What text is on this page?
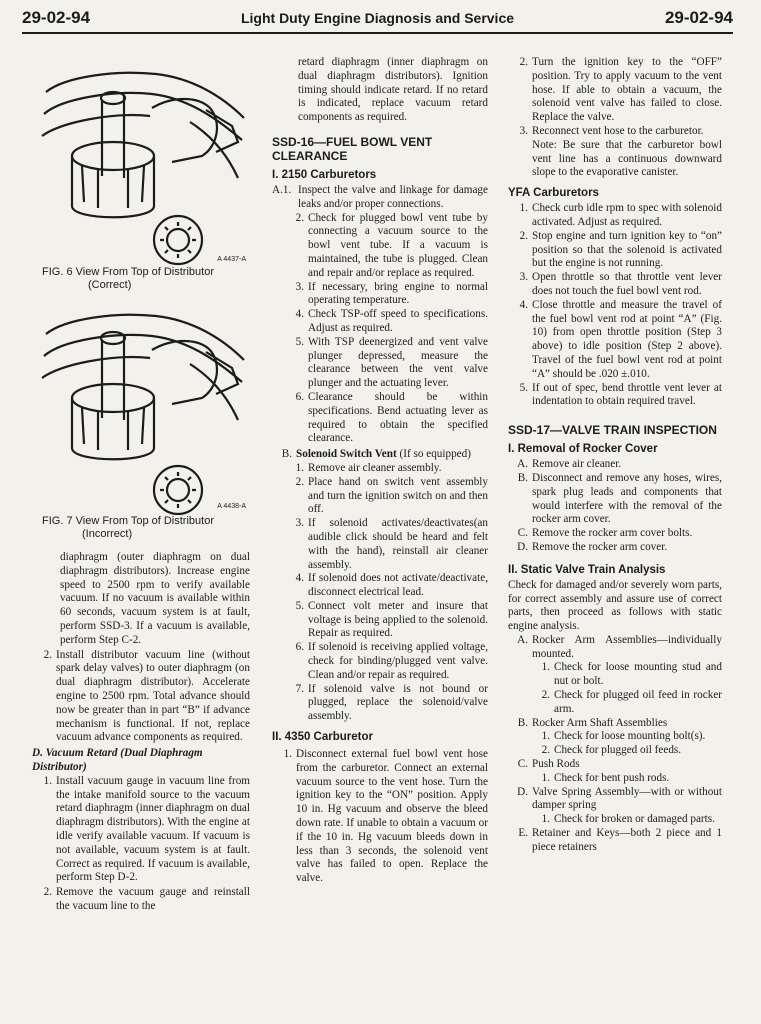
29-02-94	Light Duty Engine Diagnosis and Service	29-02-94
A 4437-A
FIG. 6 View From Top of Distributor
(Correct)
A 4438-A
FIG. 7 View From Top of Distributor
(Incorrect)

diaphragm (outer diaphragm on dual diaphragm distributors). Increase engine speed to 2500 rpm to verify available vacuum. If no vacuum is available within 60 seconds, vacuum system is at fault, perform SSD-3. If a vacuum is available, perform Step C-2.

2. Install distributor vacuum line (without spark delay valves) to outer diaphragm (on dual diaphragm distributor). Accelerate engine to 2500 rpm. Total advance should now be greater than in part “B” if advance mechanism is functional. If not, replace vacuum advance components as required.
D. Vacuum Retard (Dual Diaphragm Distributor)
1. Install vacuum gauge in vacuum line from the intake manifold source to the vacuum retard diaphragm (inner diaphragm on dual diaphragm distributors). With the engine at idle verify available vacuum. If vacuum is not available, vacuum system is at fault. Correct as required. If vacuum is available, perform Step D-2.
2. Remove the vacuum gauge and reinstall the vacuum line to the

retard diaphragm (inner diaphragm on dual diaphragm distributors). Ignition timing should indicate retard. If no retard is indicated, replace vacuum retard components as required.

SSD-16—FUEL BOWL VENT CLEARANCE
I. 2150 Carburetors
A.1. Inspect the valve and linkage for damage leaks and/or proper connections.
2. Check for plugged bowl vent tube by connecting a vacuum source to the bowl vent tube. If a vacuum is maintained, the tube is plugged. Clean and repair and/or replace as required.
3. If necessary, bring engine to normal operating temperature.
4. Check TSP-off speed to specifications. Adjust as required.
5. With TSP deenergized and vent valve plunger depressed, measure the clearance between the vent valve plunger and the actuating lever.
6. Clearance should be within specifications. Bend actuating lever as required to obtain the specified clearance.
B. Solenoid Switch Vent (If so equipped)
1. Remove air cleaner assembly.
2. Place hand on switch vent assembly and turn the ignition switch on and then off.
3. If solenoid activates/deactivates(an audible click should be heard and felt with the hand), reinstall air cleaner assembly.
4. If solenoid does not activate/deactivate, disconnect electrical lead.
5. Connect volt meter and insure that voltage is being applied to the solenoid. Repair as required.
6. If solenoid is receiving applied voltage, check for binding/plugged vent valve. Clean and/or repair as required.
7. If solenoid valve is not bound or plugged, replace the solenoid/valve assembly.
II. 4350 Carburetor
1. Disconnect external fuel bowl vent hose from the carburetor. Connect an external vacuum source to the vent hose. Turn the ignition key to the “ON” position. Apply 10 in. Hg vacuum and observe the bleed down rate. If unable to obtain a vacuum or if the 10 in. Hg vacuum bleeds down in less than 3 seconds, the solenoid vent valve has failed to open. Replace the valve.
2. Turn the ignition key to the “OFF” position. Try to apply vacuum to the vent hose. If able to obtain a vacuum, the solenoid vent valve has failed to close. Replace the valve.
3. Reconnect vent hose to the carburetor.

Note: Be sure that the carburetor bowl vent line has a continuous downward slope to the evaporative canister.

YFA Carburetors
1. Check curb idle rpm to spec with solenoid activated. Adjust as required.
2. Stop engine and turn ignition key to “on” position so that the solenoid is activated but the engine is not running.
3. Open throttle so that throttle vent lever does not touch the fuel bowl vent rod.
4. Close throttle and measure the travel of the fuel bowl vent rod at point “A” (Fig. 10) from open throttle position (Step 3 above) to idle position (Step 2 above). Travel of the fuel bowl vent rod at point “A” should be .020 ±.010.
5. If out of spec, bend throttle vent lever at indentation to obtain required travel.
SSD-17—VALVE TRAIN INSPECTION
I. Removal of Rocker Cover
A. Remove air cleaner.
B. Disconnect and remove any hoses, wires, spark plug leads and components that would interfere with the removal of the rocker arm cover.
C. Remove the rocker arm cover bolts.
D. Remove the rocker arm cover.
II. Static Valve Train Analysis

Check for damaged and/or severely worn parts, for correct assembly and assure use of correct parts, then proceed as follows with static engine analysis.

A. Rocker Arm Assemblies—individually mounted.
1. Check for loose mounting stud and nut or bolt.
2. Check for plugged oil feed in rocker arm.
B. Rocker Arm Shaft Assemblies
1. Check for loose mounting bolt(s).
2. Check for plugged oil feeds.
C. Push Rods
1. Check for bent push rods.
D. Valve Spring Assembly—with or without damper spring
1. Check for broken or damaged parts.
E. Retainer and Keys—both 2 piece and 1 piece retainers
